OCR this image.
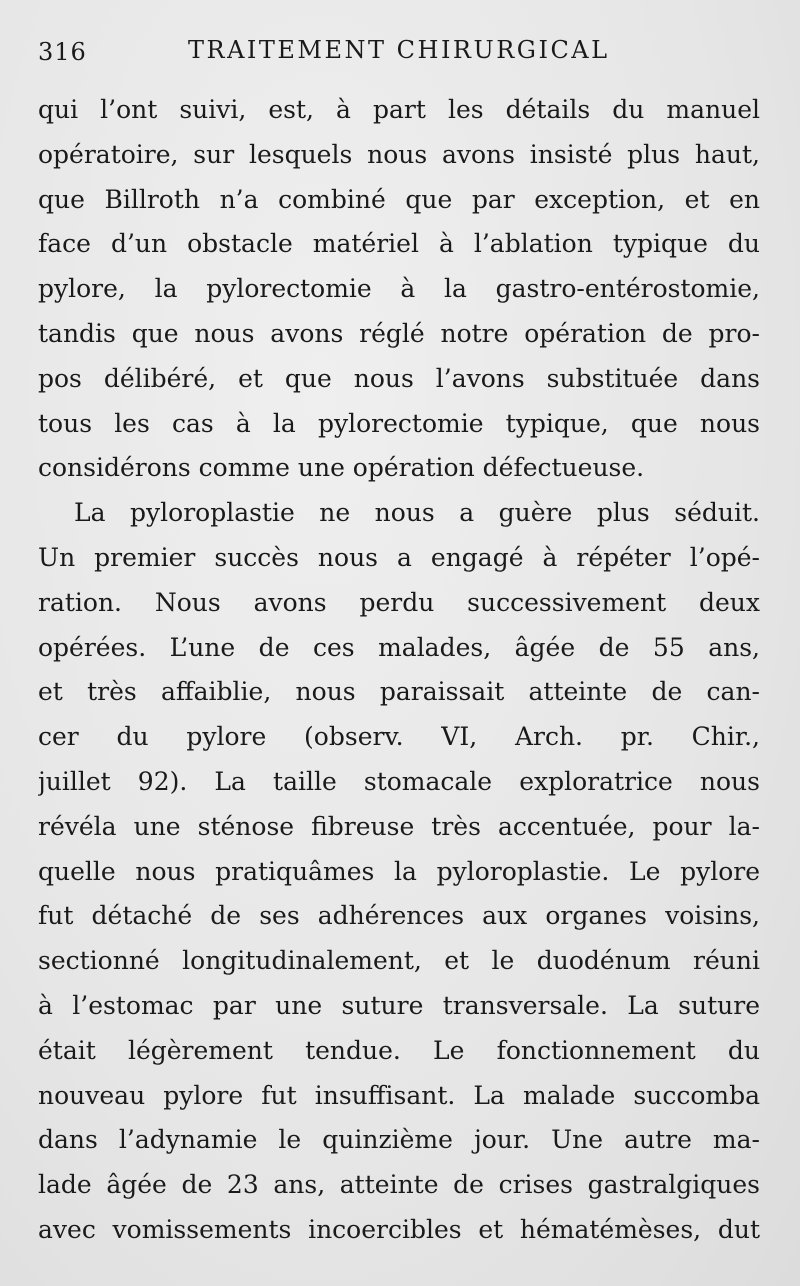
316	TRAITEMENT CHIRURGICAL
qui l’ont suivi, est, à part les détails du manuel
opératoire, sur lesquels nous avons insisté plus haut,
que Billroth n’a combiné que par exception, et en
face d’un obstacle matériel à l’ablation typique du
pylore, la pylorectomie à la gastro-entérostomie,
tandis que nous avons réglé notre opération de pro-
pos délibéré, et que nous l’avons substituée dans
tous les cas à la pylorectomie typique, que nous
considérons comme une opération défectueuse.
La pyloroplastie ne nous a guère plus séduit.
Un premier succès nous a engagé à répéter l’opé-
ration. Nous avons perdu successivement deux
opérées. L’une de ces malades, âgée de 55 ans,
et très affaiblie, nous paraissait atteinte de can-
cer du pylore (observ. VI, Arch. pr. Chir.,
juillet 92). La taille stomacale exploratrice nous
révéla une sténose fibreuse très accentuée, pour la-
quelle nous pratiquâmes la pyloroplastie. Le pylore
fut détaché de ses adhérences aux organes voisins,
sectionné longitudinalement, et le duodénum réuni
à l’estomac par une suture transversale. La suture
était légèrement tendue. Le fonctionnement du
nouveau pylore fut insuffisant. La malade succomba
dans l’adynamie le quinzième jour. Une autre ma-
lade âgée de 23 ans, atteinte de crises gastralgiques
avec vomissements incoercibles et hématémèses, dut
